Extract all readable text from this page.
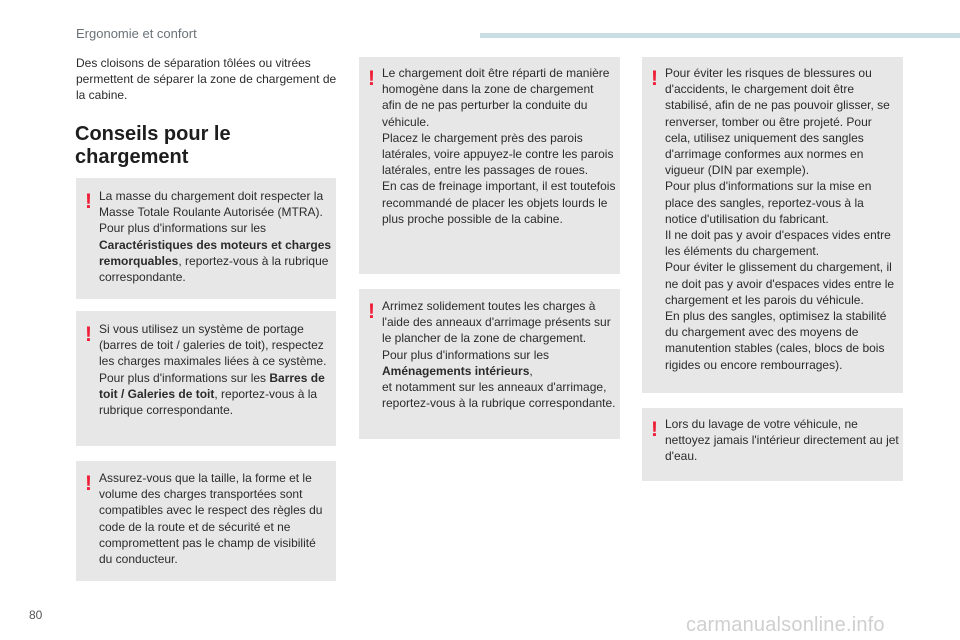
Ergonomie et confort
Des cloisons de séparation tôlées ou vitrées permettent de séparer la zone de chargement de la cabine.
Conseils pour le chargement
! La masse du chargement doit respecter la Masse Totale Roulante Autorisée (MTRA). Pour plus d'informations sur les Caractéristiques des moteurs et charges remorquables, reportez-vous à la rubrique correspondante.

! Si vous utilisez un système de portage (barres de toit / galeries de toit), respectez les charges maximales liées à ce système.

Pour plus d'informations sur les Barres de toit / Galeries de toit, reportez-vous à la rubrique correspondante.

! Assurez-vous que la taille, la forme et le volume des charges transportées sont compatibles avec le respect des règles du code de la route et de sécurité et ne compromettent pas le champ de visibilité du conducteur.

! Le chargement doit être réparti de manière homogène dans la zone de chargement afin de ne pas perturber la conduite du véhicule.

Placez le chargement près des parois latérales, voire appuyez-le contre les parois latérales, entre les passages de roues.

En cas de freinage important, il est toutefois recommandé de placer les objets lourds le plus proche possible de la cabine.

! Arrimez solidement toutes les charges à l'aide des anneaux d'arrimage présents sur le plancher de la zone de chargement.

Pour plus d'informations sur les Aménagements intérieurs,

et notamment sur les anneaux d'arrimage, reportez-vous à la rubrique correspondante.

! Pour éviter les risques de blessures ou d'accidents, le chargement doit être stabilisé, afin de ne pas pouvoir glisser, se renverser, tomber ou être projeté. Pour cela, utilisez uniquement des sangles d'arrimage conformes aux normes en vigueur (DIN par exemple).

Pour plus d'informations sur la mise en place des sangles, reportez-vous à la notice d'utilisation du fabricant.

Il ne doit pas y avoir d'espaces vides entre les éléments du chargement.

Pour éviter le glissement du chargement, il ne doit pas y avoir d'espaces vides entre le chargement et les parois du véhicule.

En plus des sangles, optimisez la stabilité du chargement avec des moyens de manutention stables (cales, blocs de bois rigides ou encore rembourrages).

! Lors du lavage de votre véhicule, ne nettoyez jamais l'intérieur directement au jet d'eau.

80	carmanualsonline.info
